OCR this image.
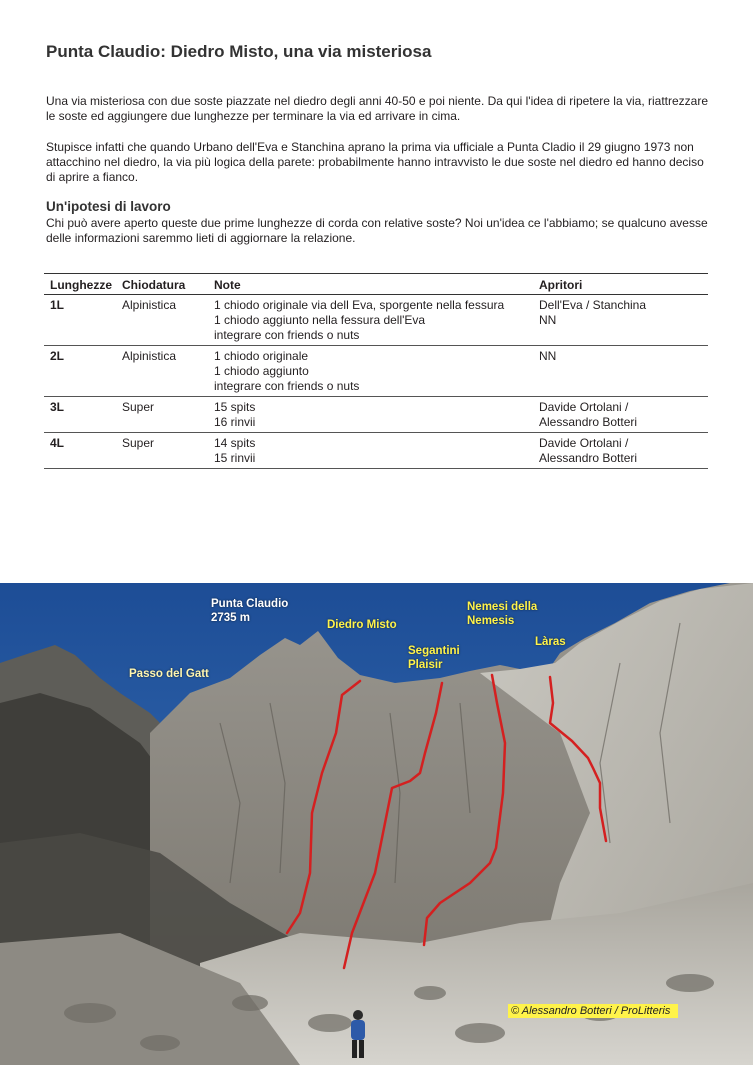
Punta Claudio: Diedro Misto, una via misteriosa

Una via misteriosa con due soste piazzate nel diedro degli anni 40-50 e poi niente. Da qui l'idea di ripetere la via, riattrezzare le soste ed aggiungere due lunghezze per terminare la via ed arrivare in cima.

Stupisce infatti che quando Urbano dell'Eva e Stanchina aprano la prima via ufficiale a Punta Cladio il 29 giugno 1973 non attacchino nel diedro, la via più logica della parete: probabilmente hanno intravvisto le due soste nel diedro ed hanno deciso di aprire a fianco.

Un'ipotesi di lavoro

Chi può avere aperto queste due prime lunghezze di corda con relative soste? Noi un'idea ce l'abbiamo; se qualcuno avesse delle informazioni saremmo lieti di aggiornare la relazione.

Lunghezze	Chiodatura	Note	Apritori
1L	Alpinistica	1 chiodo originale via dell Eva, sporgente nella fessura
1 chiodo aggiunto nella fessura dell'Eva
integrare con friends o nuts	Dell'Eva / Stanchina
NN

2L	Alpinistica	1 chiodo originale
1 chiodo aggiunto
integrare con friends o nuts	NN

3L	Super	15 spits
16 rinvii	Davide Ortolani /
Alessandro Botteri

4L	Super	14 spits
15 rinvii	Davide Ortolani /
Alessandro Botteri
Punta Claudio
2735 m
Passo del Gatt
Diedro Misto
Segantini
Plaisir
Nemesi della
Nemesis
Làras
© Alessandro Botteri / ProLitteris
